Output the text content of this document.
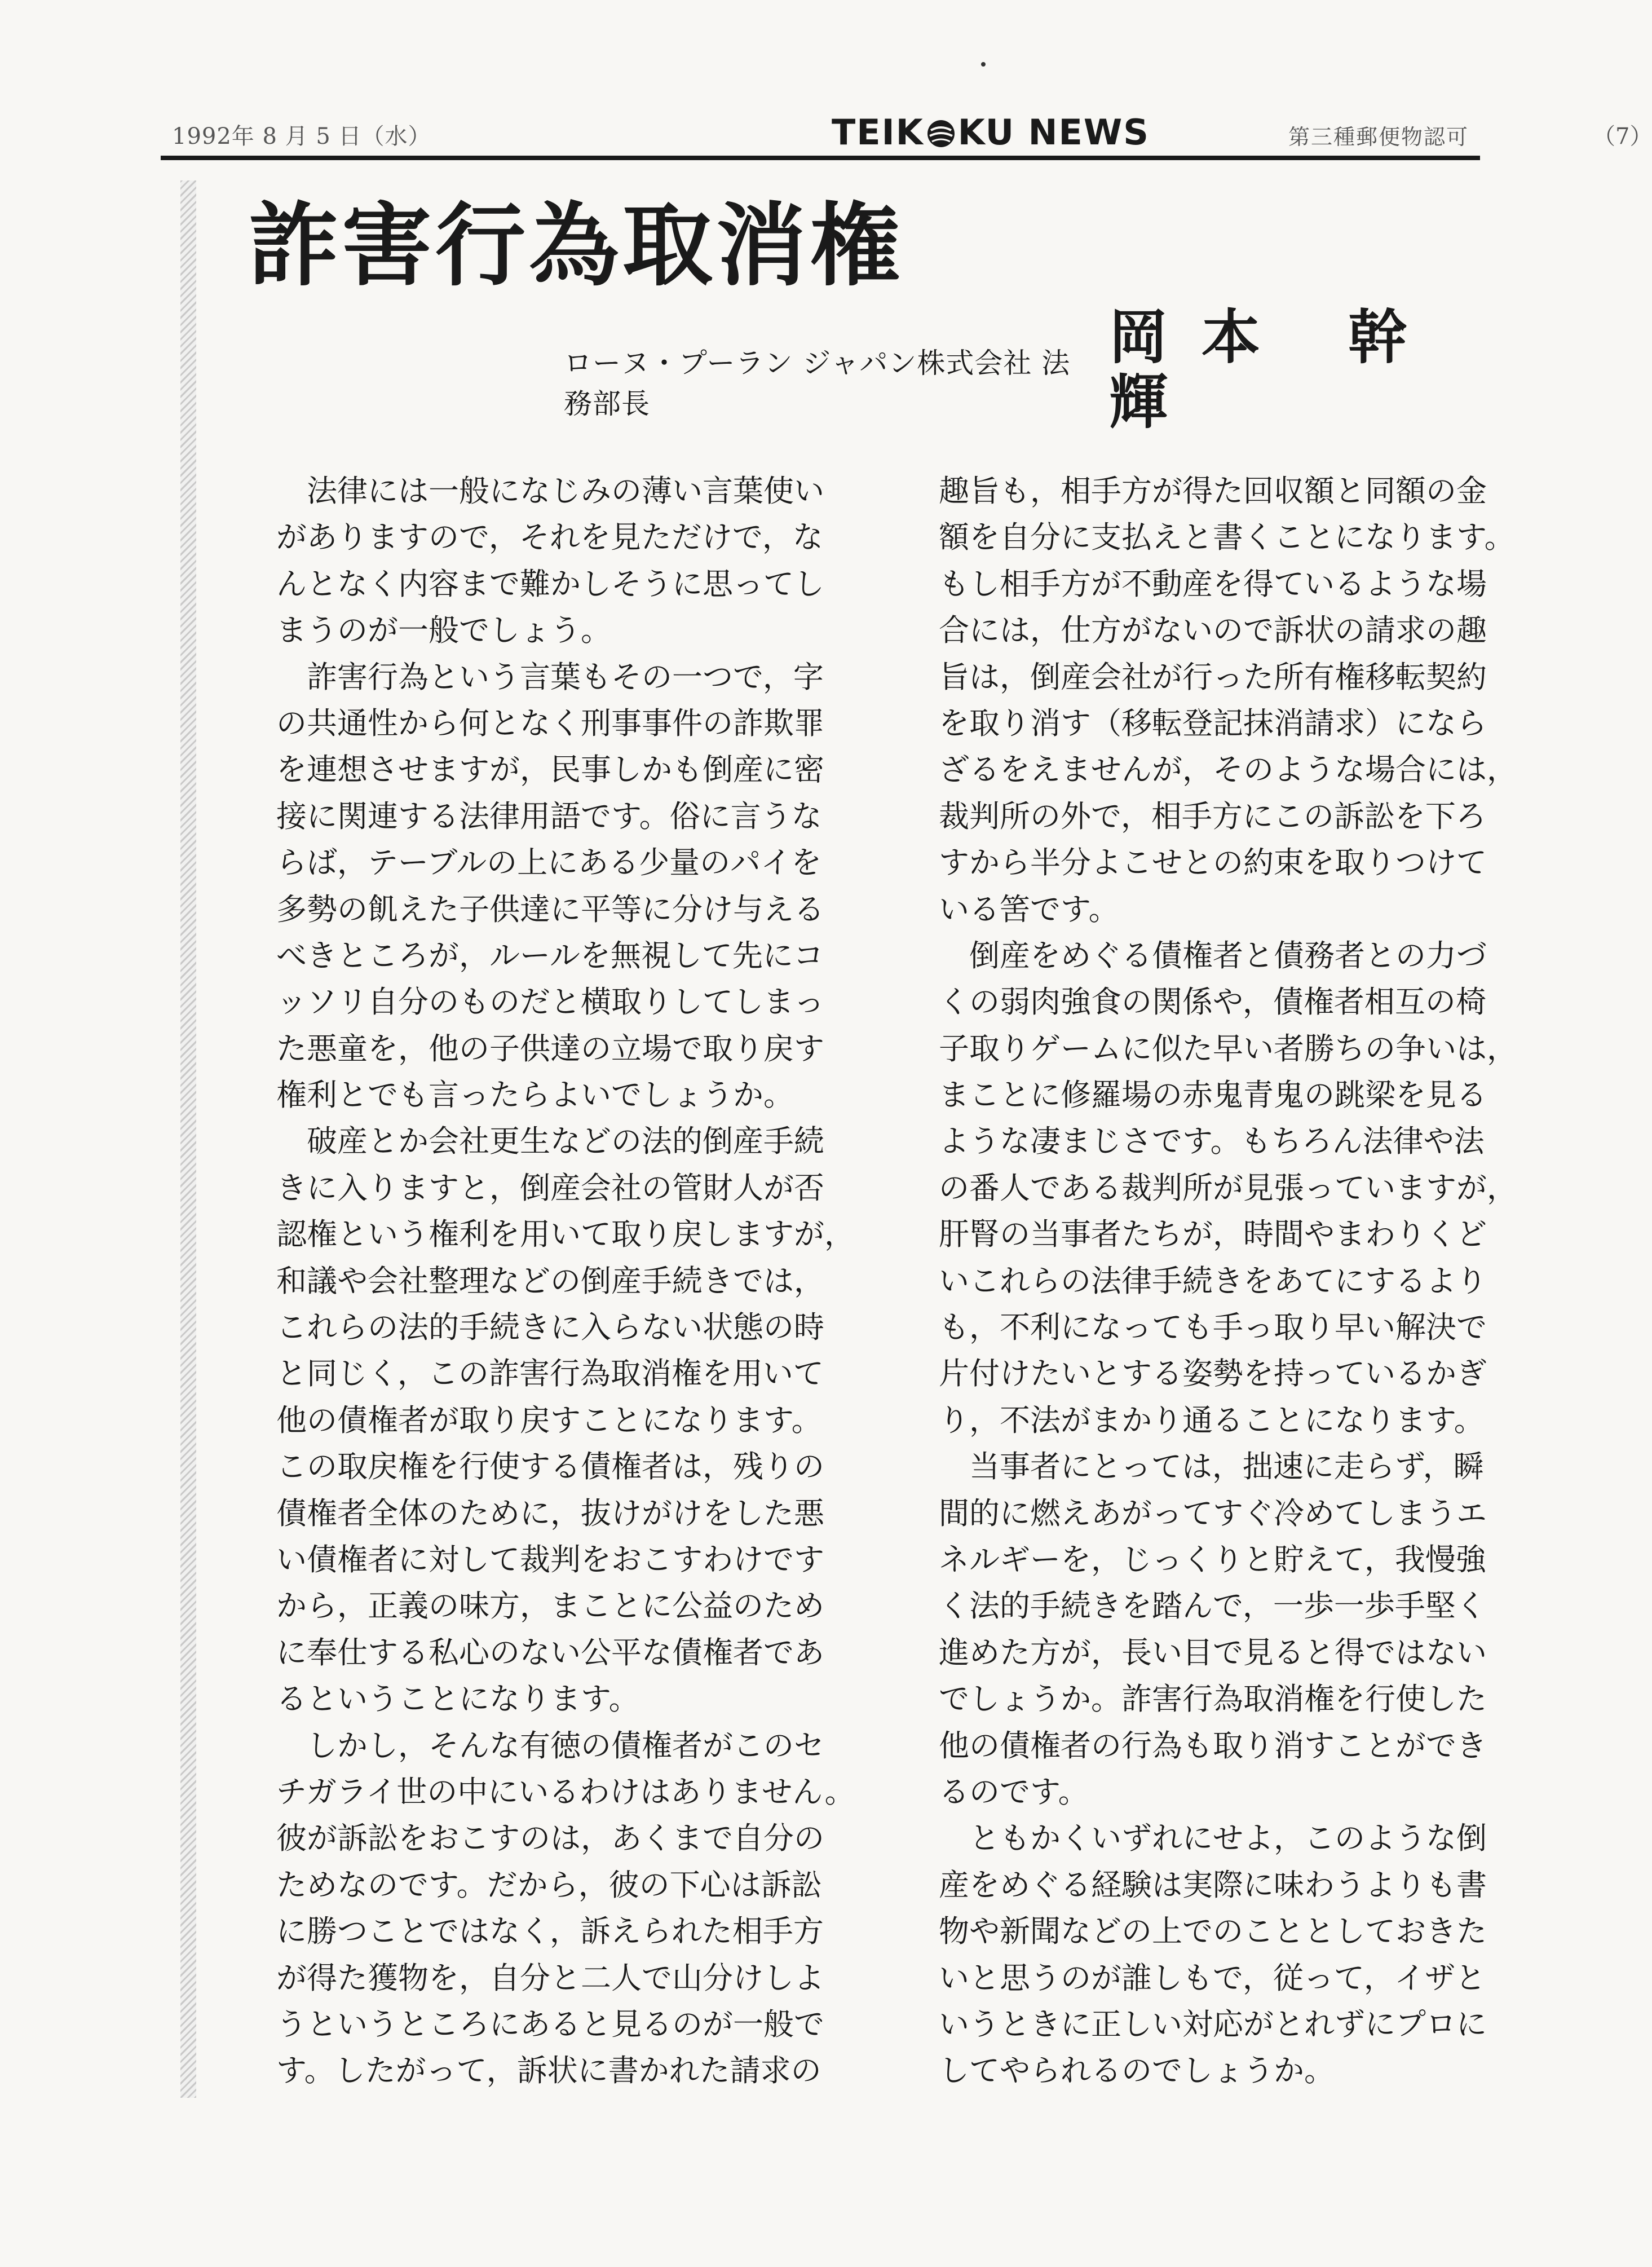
1992年 8 月 5 日（水）	TEIK KU NEWS	第三種郵便物認可	（7）
詐害行為取消権
ローヌ・プーラン ジャパン株式会社 法務部長
岡本 幹輝
　法律には一般になじみの薄い言葉使い
がありますので，それを見ただけで，な
んとなく内容まで難かしそうに思ってし
まうのが一般でしょう。
　詐害行為という言葉もその一つで，字
の共通性から何となく刑事事件の詐欺罪
を連想させますが，民事しかも倒産に密
接に関連する法律用語です。俗に言うな
らば，テーブルの上にある少量のパイを
多勢の飢えた子供達に平等に分け与える
べきところが，ルールを無視して先にコ
ッソリ自分のものだと横取りしてしまっ
た悪童を，他の子供達の立場で取り戻す
権利とでも言ったらよいでしょうか。
　破産とか会社更生などの法的倒産手続
きに入りますと，倒産会社の管財人が否
認権という権利を用いて取り戻しますが，
和議や会社整理などの倒産手続きでは，
これらの法的手続きに入らない状態の時
と同じく，この詐害行為取消権を用いて
他の債権者が取り戻すことになります。
この取戻権を行使する債権者は，残りの
債権者全体のために，抜けがけをした悪
い債権者に対して裁判をおこすわけです
から，正義の味方，まことに公益のため
に奉仕する私心のない公平な債権者であ
るということになります。
　しかし，そんな有徳の債権者がこのセ
チガライ世の中にいるわけはありません。
彼が訴訟をおこすのは，あくまで自分の
ためなのです。だから，彼の下心は訴訟
に勝つことではなく，訴えられた相手方
が得た獲物を，自分と二人で山分けしよ
うというところにあると見るのが一般で
す。したがって，訴状に書かれた請求の
趣旨も，相手方が得た回収額と同額の金
額を自分に支払えと書くことになります。
もし相手方が不動産を得ているような場
合には，仕方がないので訴状の請求の趣
旨は，倒産会社が行った所有権移転契約
を取り消す（移転登記抹消請求）になら
ざるをえませんが，そのような場合には，
裁判所の外で，相手方にこの訴訟を下ろ
すから半分よこせとの約束を取りつけて
いる筈です。
　倒産をめぐる債権者と債務者との力づ
くの弱肉強食の関係や，債権者相互の椅
子取りゲームに似た早い者勝ちの争いは，
まことに修羅場の赤鬼青鬼の跳梁を見る
ような凄まじさです。もちろん法律や法
の番人である裁判所が見張っていますが，
肝腎の当事者たちが，時間やまわりくど
いこれらの法律手続きをあてにするより
も，不利になっても手っ取り早い解決で
片付けたいとする姿勢を持っているかぎ
り，不法がまかり通ることになります。
　当事者にとっては，拙速に走らず，瞬
間的に燃えあがってすぐ冷めてしまうエ
ネルギーを，じっくりと貯えて，我慢強
く法的手続きを踏んで，一歩一歩手堅く
進めた方が，長い目で見ると得ではない
でしょうか。詐害行為取消権を行使した
他の債権者の行為も取り消すことができ
るのです。
　ともかくいずれにせよ，このような倒
産をめぐる経験は実際に味わうよりも書
物や新聞などの上でのこととしておきた
いと思うのが誰しもで，従って，イザと
いうときに正しい対応がとれずにプロに
してやられるのでしょうか。
